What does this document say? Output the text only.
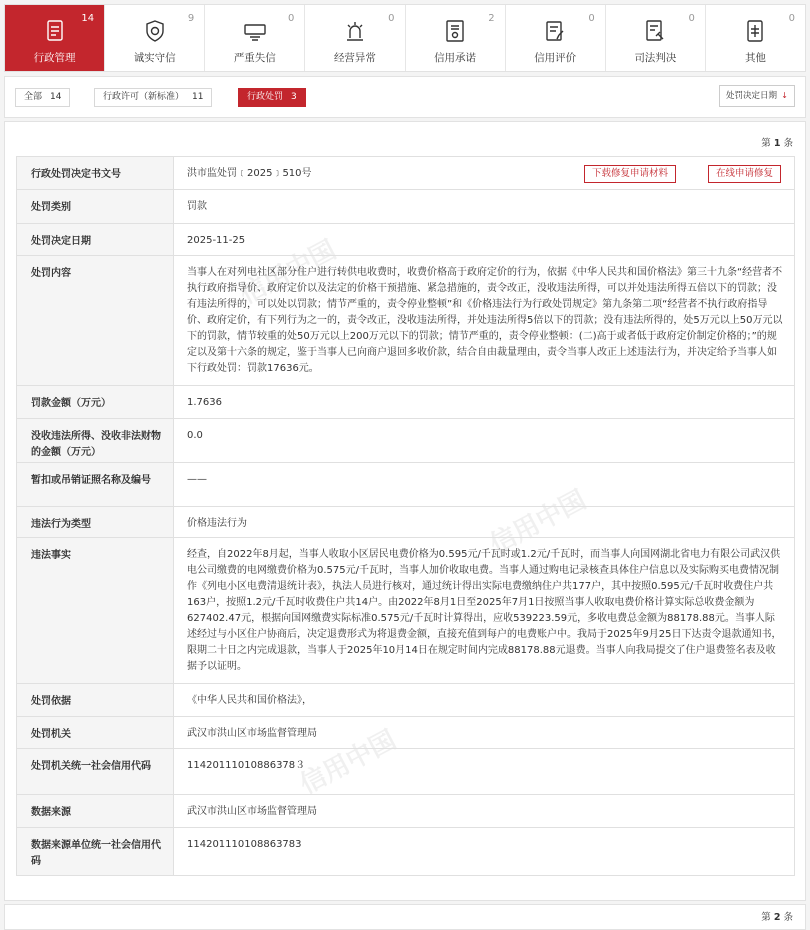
14
行政管理
9
诚实守信
0
严重失信
0
经营异常
2
信用承诺
0
信用评价
0
司法判决
0
其他
全部 14	行政许可（新标准） 11	行政处罚 3	处罚决定日期 ↓
信用中国
信用中国
信用中国
第 1 条
行政处罚决定书文号	洪市监处罚﹝2025﹞510号 下载修复申请材料 在线申请修复

处罚类别	罚款
处罚决定日期	2025-11-25
处罚内容	当事人在对列电社区部分住户进行转供电收费时，收费价格高于政府定价的行为，依据《中华人民共和国价格法》第三十九条“经营者不执行政府指导价、政府定价以及法定的价格干预措施、紧急措施的，责令改正，没收违法所得，可以并处违法所得五倍以下的罚款；没有违法所得的，可以处以罚款；情节严重的，责令停业整顿”和《价格违法行为行政处罚规定》第九条第二项“经营者不执行政府指导价、政府定价，有下列行为之一的，责令改正，没收违法所得，并处违法所得5倍以下的罚款；没有违法所得的，处5万元以上50万元以下的罚款，情节较重的处50万元以上200万元以下的罚款；情节严重的，责令停业整顿：(二)高于或者低于政府定价制定价格的；”的规定以及第十六条的规定，鉴于当事人已向商户退回多收价款，结合自由裁量理由，责令当事人改正上述违法行为，并决定给予当事人如下行政处罚：罚款17636元。
罚款金额（万元）	1.7636
没收违法所得、没收非法财物的金额（万元）	0.0
暂扣或吊销证照名称及编号	——
违法行为类型	价格违法行为
违法事实	经查，自2022年8月起，当事人收取小区居民电费价格为0.595元/千瓦时或1.2元/千瓦时，而当事人向国网湖北省电力有限公司武汉供电公司缴费的电网缴费价格为0.575元/千瓦时，当事人加价收取电费。当事人通过购电记录核查具体住户信息以及实际购买电费情况制作《列电小区电费清退统计表》，执法人员进行核对，通过统计得出实际电费缴纳住户共177户，其中按照0.595元/千瓦时收费住户共163户，按照1.2元/千瓦时收费住户共14户。由2022年8月1日至2025年7月1日按照当事人收取电费价格计算实际总收费金额为627402.47元，根据向国网缴费实际标准0.575元/千瓦时计算得出，应收539223.59元，多收电费总金额为88178.88元。当事人际述经过与小区住户协商后，决定退费形式为将退费金额，直接充值到每户的电费账户中。我局于2025年9月25日下达责令退款通知书，限期二十日之内完成退款，当事人于2025年10月14日在规定时间内完成88178.88元退费。当事人向我局提交了住户退费签名表及收据予以证明。
处罚依据	《中华人民共和国价格法》，
处罚机关	武汉市洪山区市场监督管理局
处罚机关统一社会信用代码	11420111010886378３
数据来源	武汉市洪山区市场监督管理局
数据来源单位统一社会信用代码	114201110108863783
第 2 条
